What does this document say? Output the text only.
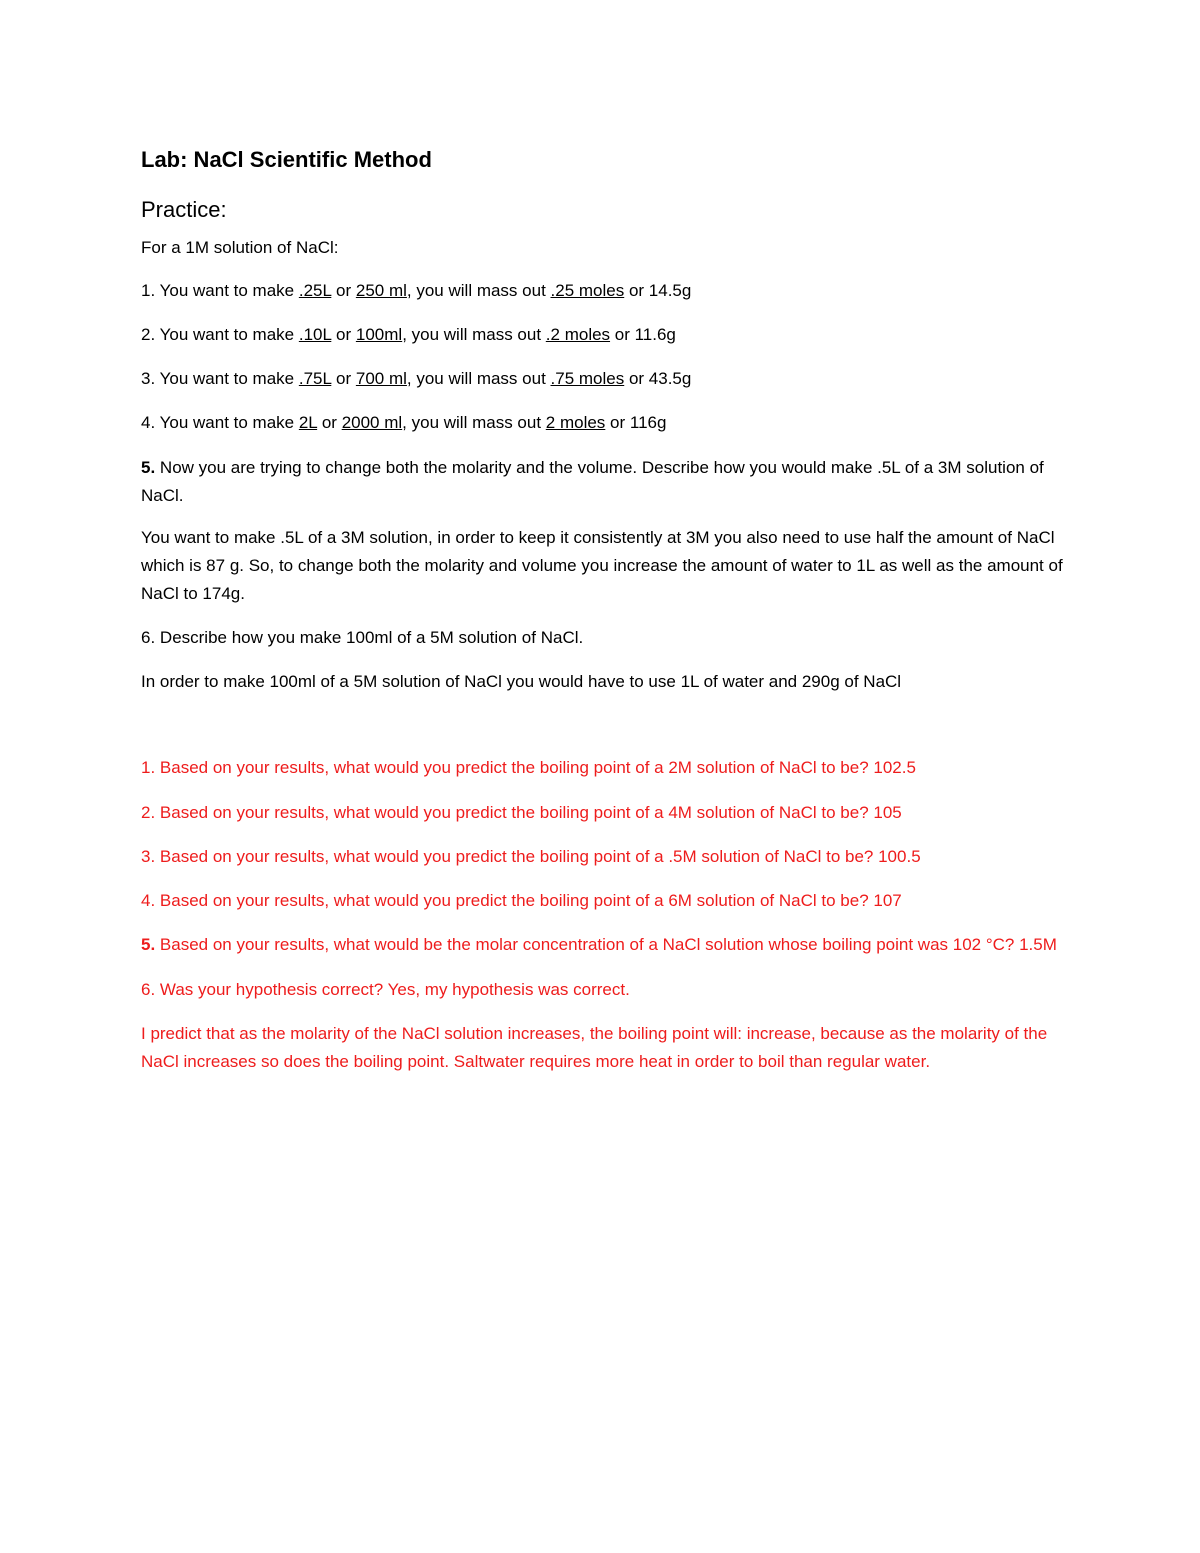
Lab: NaCl Scientific Method
Practice:

For a 1M solution of NaCl:

1. You want to make .25L or 250 ml, you will mass out .25 moles or 14.5g

2. You want to make .10L or 100ml, you will mass out .2 moles or 11.6g

3. You want to make .75L or 700 ml, you will mass out .75 moles or 43.5g

4. You want to make 2L or 2000 ml, you will mass out 2 moles or 116g

5. Now you are trying to change both the molarity and the volume. Describe how you would make .5L of a 3M solution of NaCl.

You want to make .5L of a 3M solution, in order to keep it consistently at 3M you also need to use half the amount of NaCl which is 87 g. So, to change both the molarity and volume you increase the amount of water to 1L as well as the amount of NaCl to 174g.

6. Describe how you make 100ml of a 5M solution of NaCl.

In order to make 100ml of a 5M solution of NaCl you would have to use 1L of water and 290g of NaCl

1. Based on your results, what would you predict the boiling point of a 2M solution of NaCl to be? 102.5

2. Based on your results, what would you predict the boiling point of a 4M solution of NaCl to be? 105

3. Based on your results, what would you predict the boiling point of a .5M solution of NaCl to be? 100.5

4. Based on your results, what would you predict the boiling point of a 6M solution of NaCl to be? 107

5. Based on your results, what would be the molar concentration of a NaCl solution whose boiling point was 102 °C? 1.5M

6. Was your hypothesis correct? Yes, my hypothesis was correct.

I predict that as the molarity of the NaCl solution increases, the boiling point will: increase, because as the molarity of the NaCl increases so does the boiling point. Saltwater requires more heat in order to boil than regular water.
